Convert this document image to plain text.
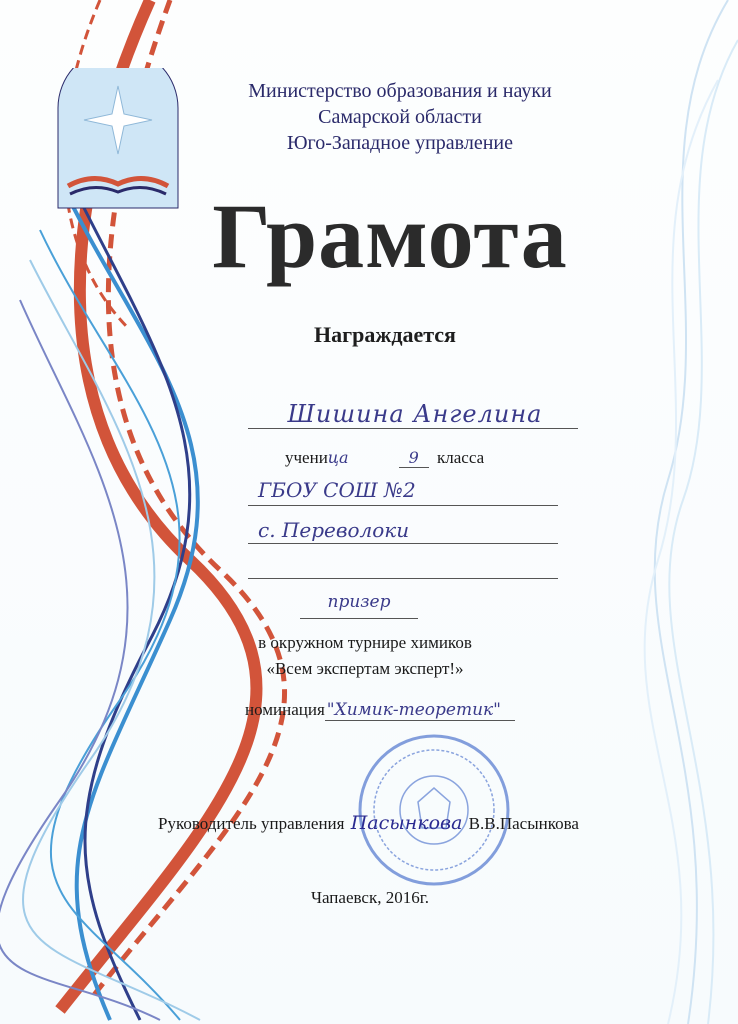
Министерство образования и науки
Самарской области
Юго-Западное управление
Грамота
Награждается
Шишина Ангелина
ученица	9 класса
ГБОУ СОШ №2
с. Переволоки
призер
в окружном турнире химиков
«Всем экспертам эксперт!»
номинация "Химик-теоретик"
Руководитель управления Пасынкова В.В.Пасынкова
Чапаевск, 2016г.
